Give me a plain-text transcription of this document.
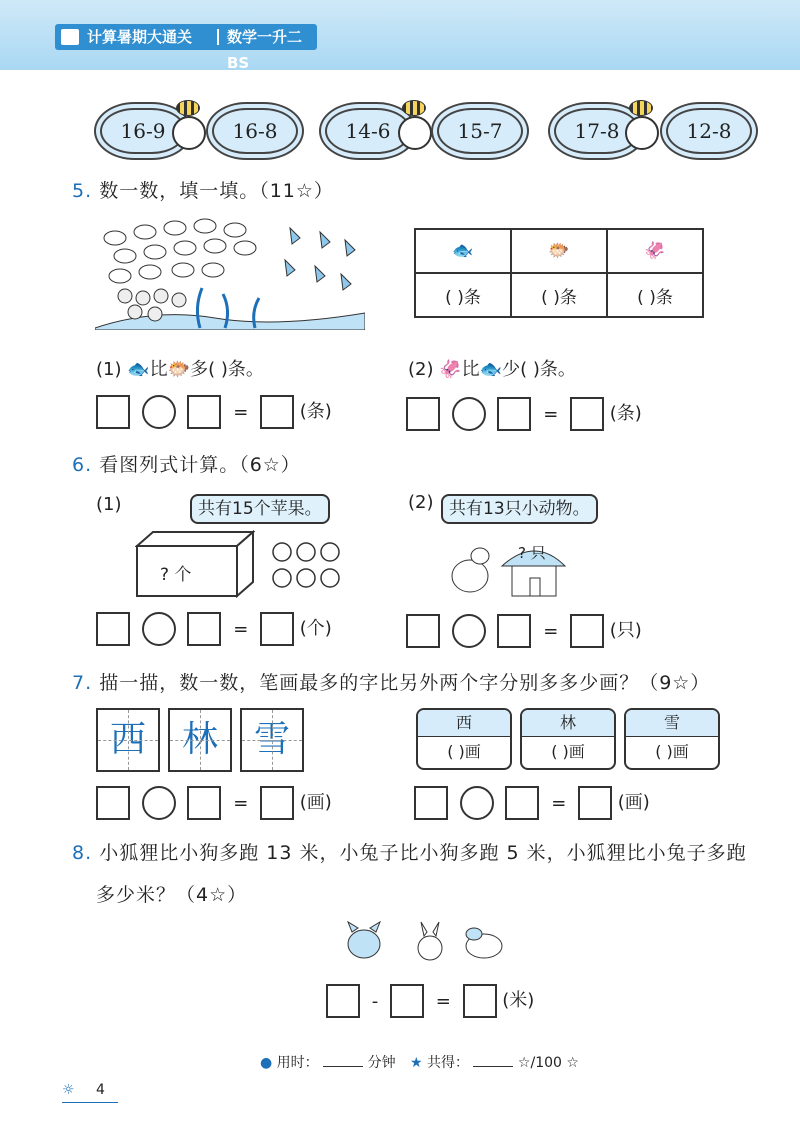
计算暑期大通关 数学一升二 BS
16-9	16-8	14-6	15-7	17-8	12-8
5. 数一数，填一填。（11☆）
🐟	🐡	🦑
( )条	( )条	( )条
(1) 🐟比🐡多( )条。	(2) 🦑比🐟少( )条。
=	(条)	=	(条)
6. 看图列式计算。（6☆）
(1)	共有15个苹果。
? 个
(2) 共有13只小动物。
? 只
=	(个)	=	(只)
7. 描一描，数一数，笔画最多的字比另外两个字分别多多少画？（9☆）
西 林 雪	西
( )画
林
( )画
雪
( )画
=	(画)	=	(画)
8. 小狐狸比小狗多跑 13 米，小兔子比小狗多跑 5 米，小狐狸比小兔子多跑
多少米？（4☆）
-	=	(米)
● 用时：	分钟 ★ 共得：	☆/100 ☆
☼ 4
